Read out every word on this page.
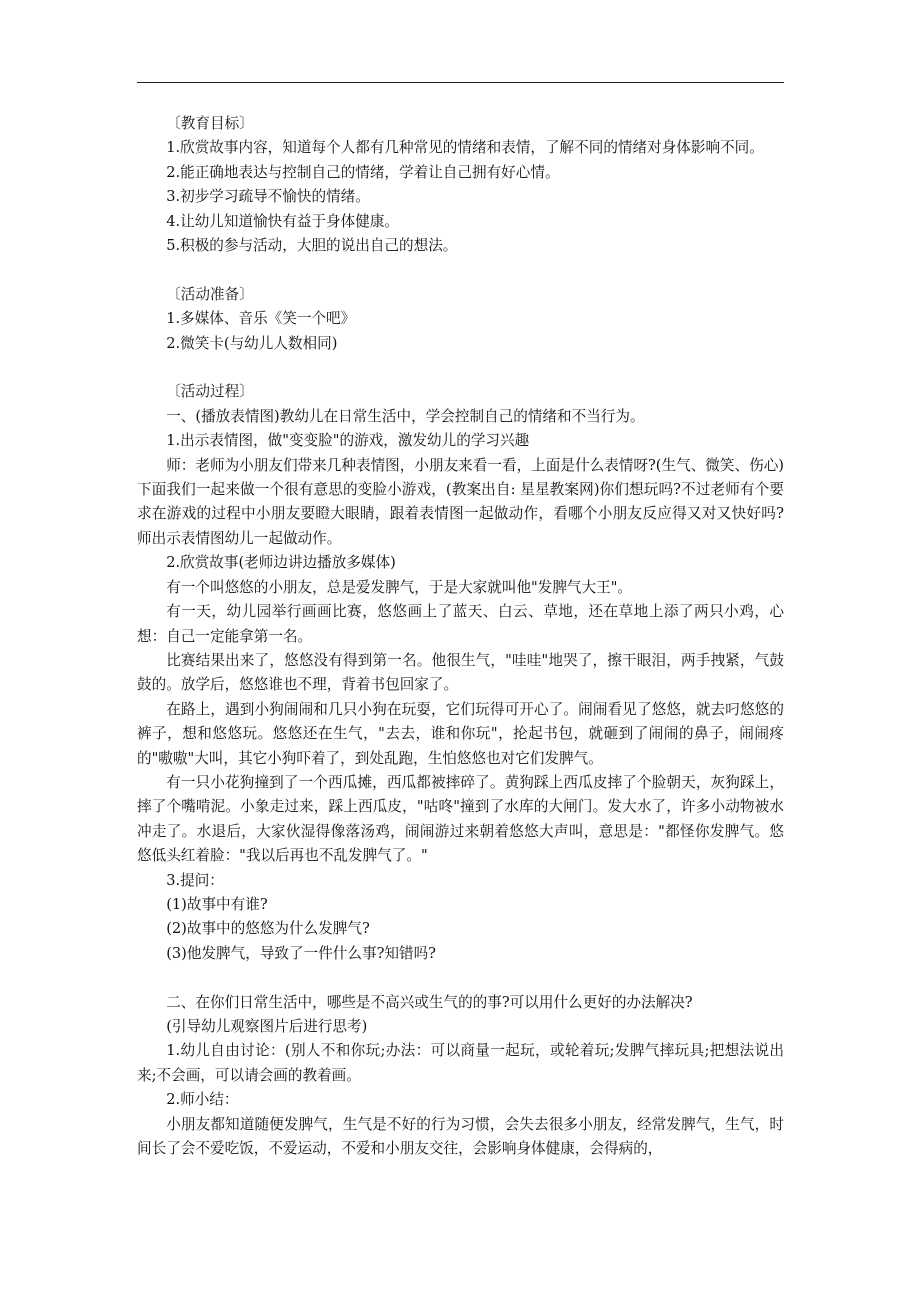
〔教育目标〕

1.欣赏故事内容，知道每个人都有几种常见的情绪和表情，了解不同的情绪对身体影响不同。

2.能正确地表达与控制自己的情绪，学着让自己拥有好心情。

3.初步学习疏导不愉快的情绪。

4.让幼儿知道愉快有益于身体健康。

5.积极的参与活动，大胆的说出自己的想法。

〔活动准备〕

1.多媒体、音乐《笑一个吧》

2.微笑卡(与幼儿人数相同)

〔活动过程〕

一、(播放表情图)教幼儿在日常生活中，学会控制自己的情绪和不当行为。

1.出示表情图，做"变变脸"的游戏，激发幼儿的学习兴趣

师：老师为小朋友们带来几种表情图，小朋友来看一看，上面是什么表情呀?(生气、微笑、伤心)下面我们一起来做一个很有意思的变脸小游戏，(教案出自: 星星教案网)你们想玩吗?不过老师有个要求在游戏的过程中小朋友要瞪大眼睛，跟着表情图一起做动作，看哪个小朋友反应得又对又快好吗?师出示表情图幼儿一起做动作。

2.欣赏故事(老师边讲边播放多媒体)

有一个叫悠悠的小朋友，总是爱发脾气，于是大家就叫他"发脾气大王"。

有一天，幼儿园举行画画比赛，悠悠画上了蓝天、白云、草地，还在草地上添了两只小鸡，心想：自己一定能拿第一名。

比赛结果出来了，悠悠没有得到第一名。他很生气，"哇哇"地哭了，擦干眼泪，两手拽紧，气鼓鼓的。放学后，悠悠谁也不理，背着书包回家了。

在路上，遇到小狗闹闹和几只小狗在玩耍，它们玩得可开心了。闹闹看见了悠悠，就去叼悠悠的裤子，想和悠悠玩。悠悠还在生气，"去去，谁和你玩"，抡起书包，就砸到了闹闹的鼻子，闹闹疼的"嗷嗷"大叫，其它小狗吓着了，到处乱跑，生怕悠悠也对它们发脾气。

有一只小花狗撞到了一个西瓜摊，西瓜都被摔碎了。黄狗踩上西瓜皮摔了个脸朝天，灰狗踩上，摔了个嘴啃泥。小象走过来，踩上西瓜皮，"咕咚"撞到了水库的大闸门。发大水了，许多小动物被水冲走了。水退后，大家伙湿得像落汤鸡，闹闹游过来朝着悠悠大声叫，意思是："都怪你发脾气。悠悠低头红着脸："我以后再也不乱发脾气了。"

3.提问：

(1)故事中有谁?

(2)故事中的悠悠为什么发脾气?

(3)他发脾气，导致了一件什么事?知错吗?

二、在你们日常生活中，哪些是不高兴或生气的的事?可以用什么更好的办法解决?

(引导幼儿观察图片后进行思考)

1.幼儿自由讨论：(别人不和你玩;办法：可以商量一起玩，或轮着玩;发脾气摔玩具;把想法说出来;不会画，可以请会画的教着画。

2.师小结：

小朋友都知道随便发脾气，生气是不好的行为习惯，会失去很多小朋友，经常发脾气，生气，时间长了会不爱吃饭，不爱运动，不爱和小朋友交往，会影响身体健康，会得病的，
